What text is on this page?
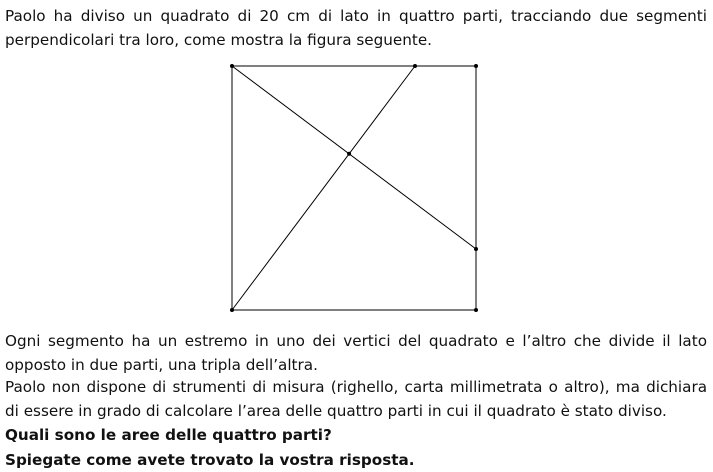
Paolo ha diviso un quadrato di 20 cm di lato in quattro parti, tracciando due segmenti perpendicolari tra loro, come mostra la figura seguente.

Ogni segmento ha un estremo in uno dei vertici del quadrato e l’altro che divide il lato opposto in due parti, una tripla dell’altra.

Paolo non dispone di strumenti di misura (righello, carta millimetrata o altro), ma dichiara di essere in grado di calcolare l’area delle quattro parti in cui il quadrato è stato diviso.

Quali sono le aree delle quattro parti?

Spiegate come avete trovato la vostra risposta.
